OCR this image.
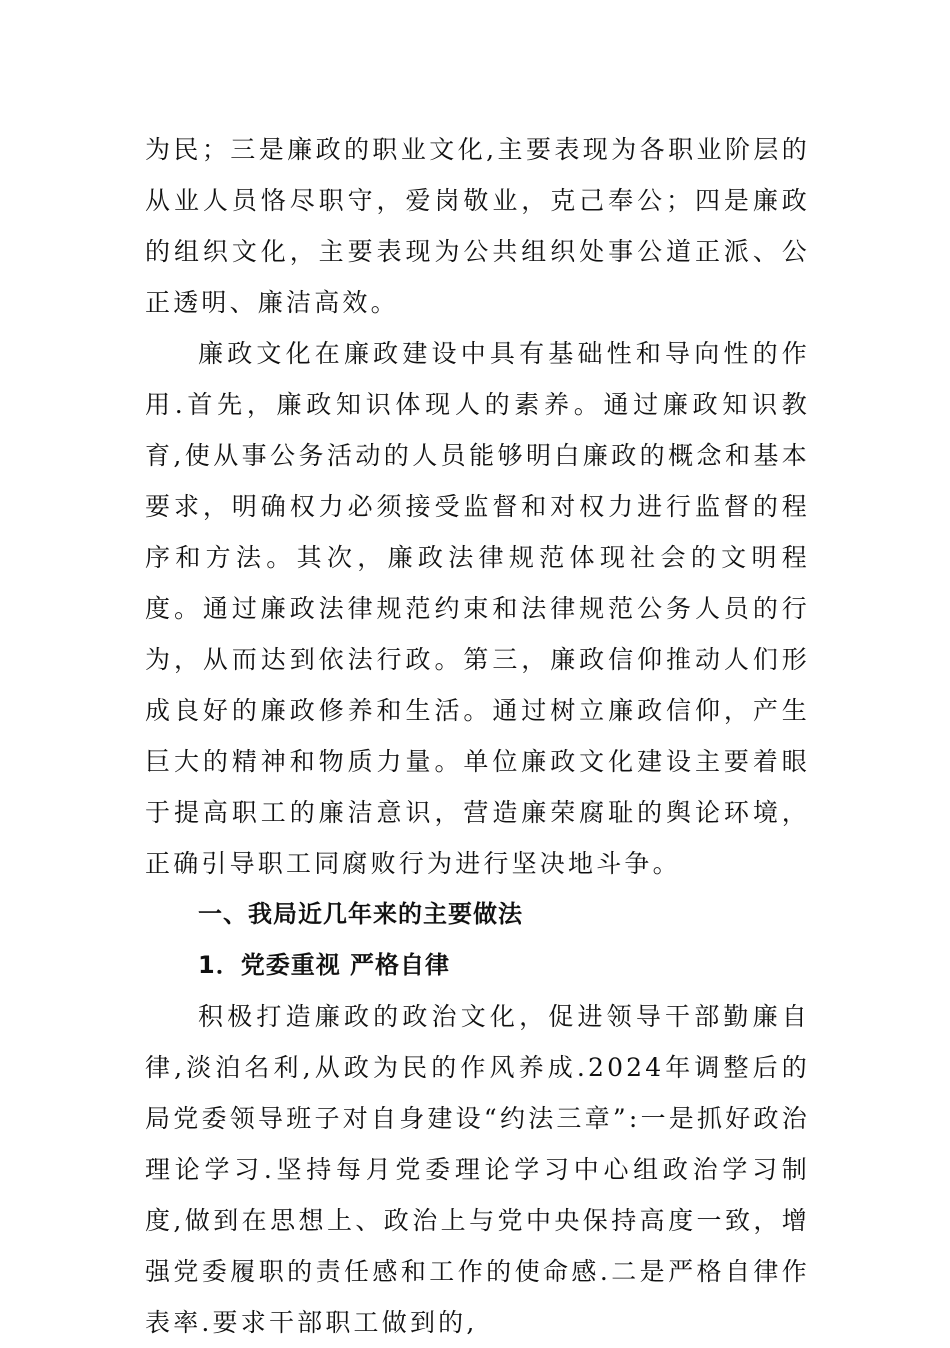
为民；三是廉政的职业文化,主要表现为各职业阶层的从业人员恪尽职守，爱岗敬业，克己奉公；四是廉政的组织文化，主要表现为公共组织处事公道正派、公正透明、廉洁高效。

廉政文化在廉政建设中具有基础性和导向性的作用.首先，廉政知识体现人的素养。通过廉政知识教育,使从事公务活动的人员能够明白廉政的概念和基本要求，明确权力必须接受监督和对权力进行监督的程序和方法。其次，廉政法律规范体现社会的文明程度。通过廉政法律规范约束和法律规范公务人员的行为，从而达到依法行政。第三，廉政信仰推动人们形成良好的廉政修养和生活。通过树立廉政信仰，产生巨大的精神和物质力量。单位廉政文化建设主要着眼于提高职工的廉洁意识，营造廉荣腐耻的舆论环境，正确引导职工同腐败行为进行坚决地斗争。

一、我局近几年来的主要做法

1．党委重视 严格自律

积极打造廉政的政治文化，促进领导干部勤廉自律,淡泊名利,从政为民的作风养成.2024年调整后的局党委领导班子对自身建设“约法三章”:一是抓好政治理论学习.坚持每月党委理论学习中心组政治学习制度,做到在思想上、政治上与党中央保持高度一致，增强党委履职的责任感和工作的使命感.二是严格自律作表率.要求干部职工做到的,
